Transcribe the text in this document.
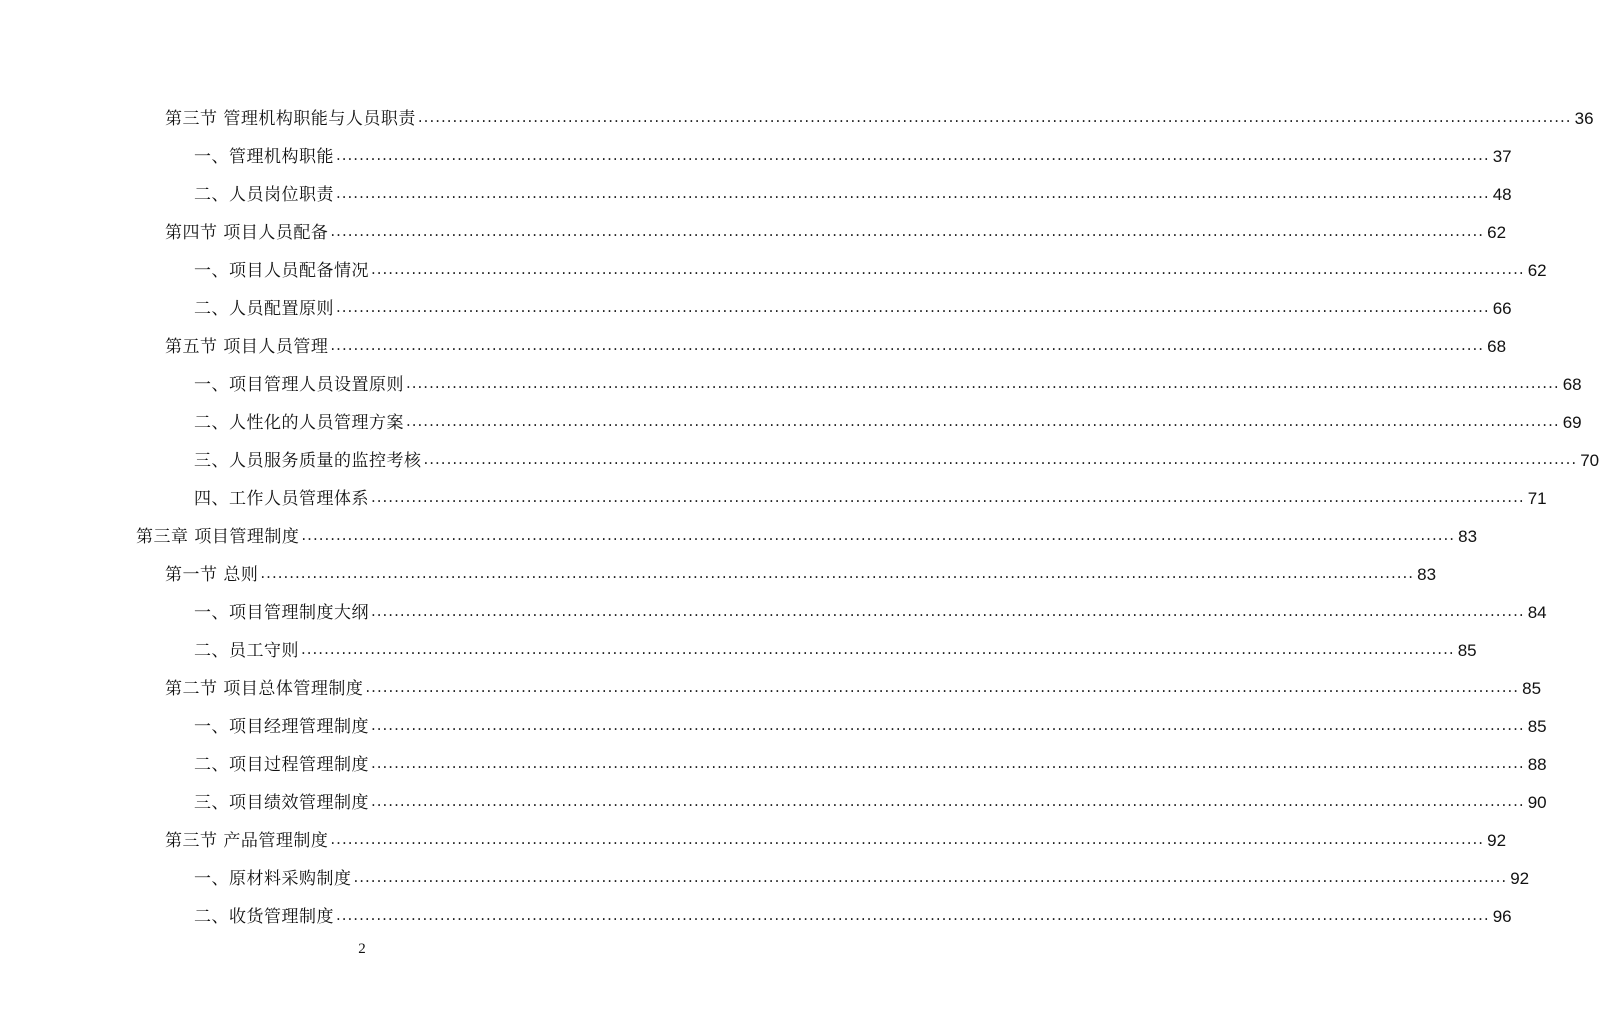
第三节 管理机构职能与人员职责 ........................................................................................................................................................................................................ 36
一、管理机构职能 ........................................................................................................................................................................................................ 37
二、人员岗位职责 ........................................................................................................................................................................................................ 48
第四节 项目人员配备 ........................................................................................................................................................................................................ 62
一、项目人员配备情况 ........................................................................................................................................................................................................ 62
二、人员配置原则 ........................................................................................................................................................................................................ 66
第五节 项目人员管理 ........................................................................................................................................................................................................ 68
一、项目管理人员设置原则 ........................................................................................................................................................................................................ 68
二、人性化的人员管理方案 ........................................................................................................................................................................................................ 69
三、人员服务质量的监控考核 ........................................................................................................................................................................................................ 70
四、工作人员管理体系 ........................................................................................................................................................................................................ 71
第三章 项目管理制度 ........................................................................................................................................................................................................ 83
第一节 总则 ........................................................................................................................................................................................................ 83
一、项目管理制度大纲 ........................................................................................................................................................................................................ 84
二、员工守则 ........................................................................................................................................................................................................ 85
第二节 项目总体管理制度 ........................................................................................................................................................................................................ 85
一、项目经理管理制度 ........................................................................................................................................................................................................ 85
二、项目过程管理制度 ........................................................................................................................................................................................................ 88
三、项目绩效管理制度 ........................................................................................................................................................................................................ 90
第三节 产品管理制度 ........................................................................................................................................................................................................ 92
一、原材料采购制度 ........................................................................................................................................................................................................ 92
二、收货管理制度 ........................................................................................................................................................................................................ 96
2
